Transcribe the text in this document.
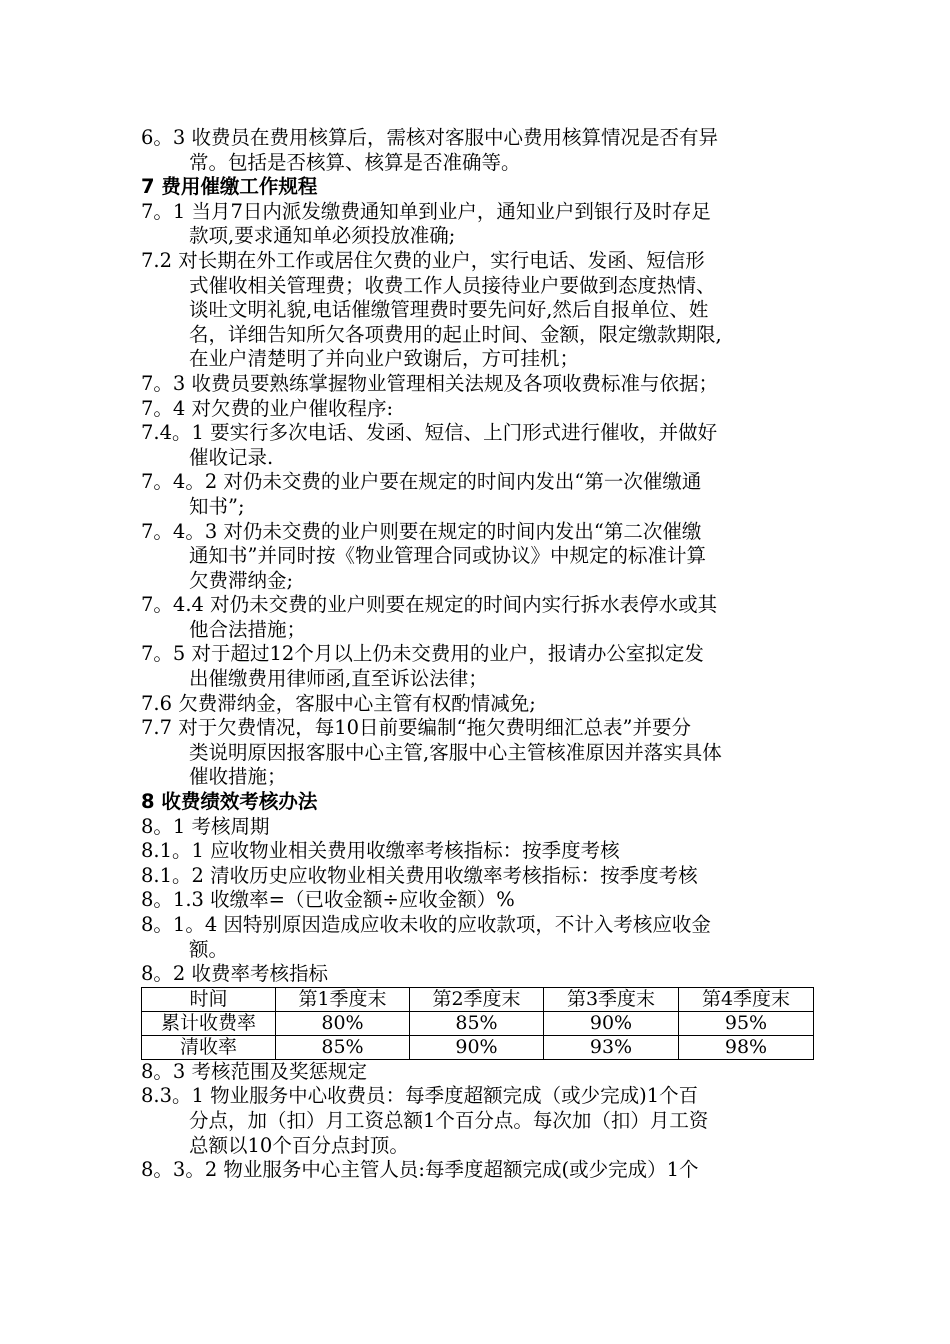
6。3 收费员在费用核算后，需核对客服中心费用核算情况是否有异
常。包括是否核算、核算是否准确等。
7 费用催缴工作规程
7。1 当月7日内派发缴费通知单到业户，通知业户到银行及时存足
款项,要求通知单必须投放准确;
7.2 对长期在外工作或居住欠费的业户，实行电话、发函、短信形
式催收相关管理费；收费工作人员接待业户要做到态度热情、
谈吐文明礼貌,电话催缴管理费时要先问好,然后自报单位、姓
名，详细告知所欠各项费用的起止时间、金额，限定缴款期限,
在业户清楚明了并向业户致谢后，方可挂机；
7。3 收费员要熟练掌握物业管理相关法规及各项收费标准与依据；
7。4 对欠费的业户催收程序:
7.4。1 要实行多次电话、发函、短信、上门形式进行催收，并做好
催收记录.
7。4。2 对仍未交费的业户要在规定的时间内发出“第一次催缴通
知书”;
7。4。3 对仍未交费的业户则要在规定的时间内发出“第二次催缴
通知书”并同时按《物业管理合同或协议》中规定的标准计算
欠费滞纳金;
7。4.4 对仍未交费的业户则要在规定的时间内实行拆水表停水或其
他合法措施；
7。5 对于超过12个月以上仍未交费用的业户，报请办公室拟定发
出催缴费用律师函,直至诉讼法律；
7.6 欠费滞纳金，客服中心主管有权酌情减免;
7.7 对于欠费情况，每10日前要编制“拖欠费明细汇总表”并要分
类说明原因报客服中心主管,客服中心主管核准原因并落实具体
催收措施；
8 收费绩效考核办法
8。1 考核周期
8.1。1 应收物业相关费用收缴率考核指标：按季度考核
8.1。2 清收历史应收物业相关费用收缴率考核指标：按季度考核
8。1.3 收缴率=（已收金额÷应收金额）%
8。1。4 因特别原因造成应收未收的应收款项，不计入考核应收金
额。
8。2 收费率考核指标
时间	第1季度末	第2季度末	第3季度末	第4季度末
累计收费率	80%	85%	90%	95%
清收率	85%	90%	93%	98%
8。3 考核范围及奖惩规定
8.3。1 物业服务中心收费员：每季度超额完成（或少完成)1个百
分点，加（扣）月工资总额1个百分点。每次加（扣）月工资
总额以10个百分点封顶。
8。3。2 物业服务中心主管人员:每季度超额完成(或少完成）1个
